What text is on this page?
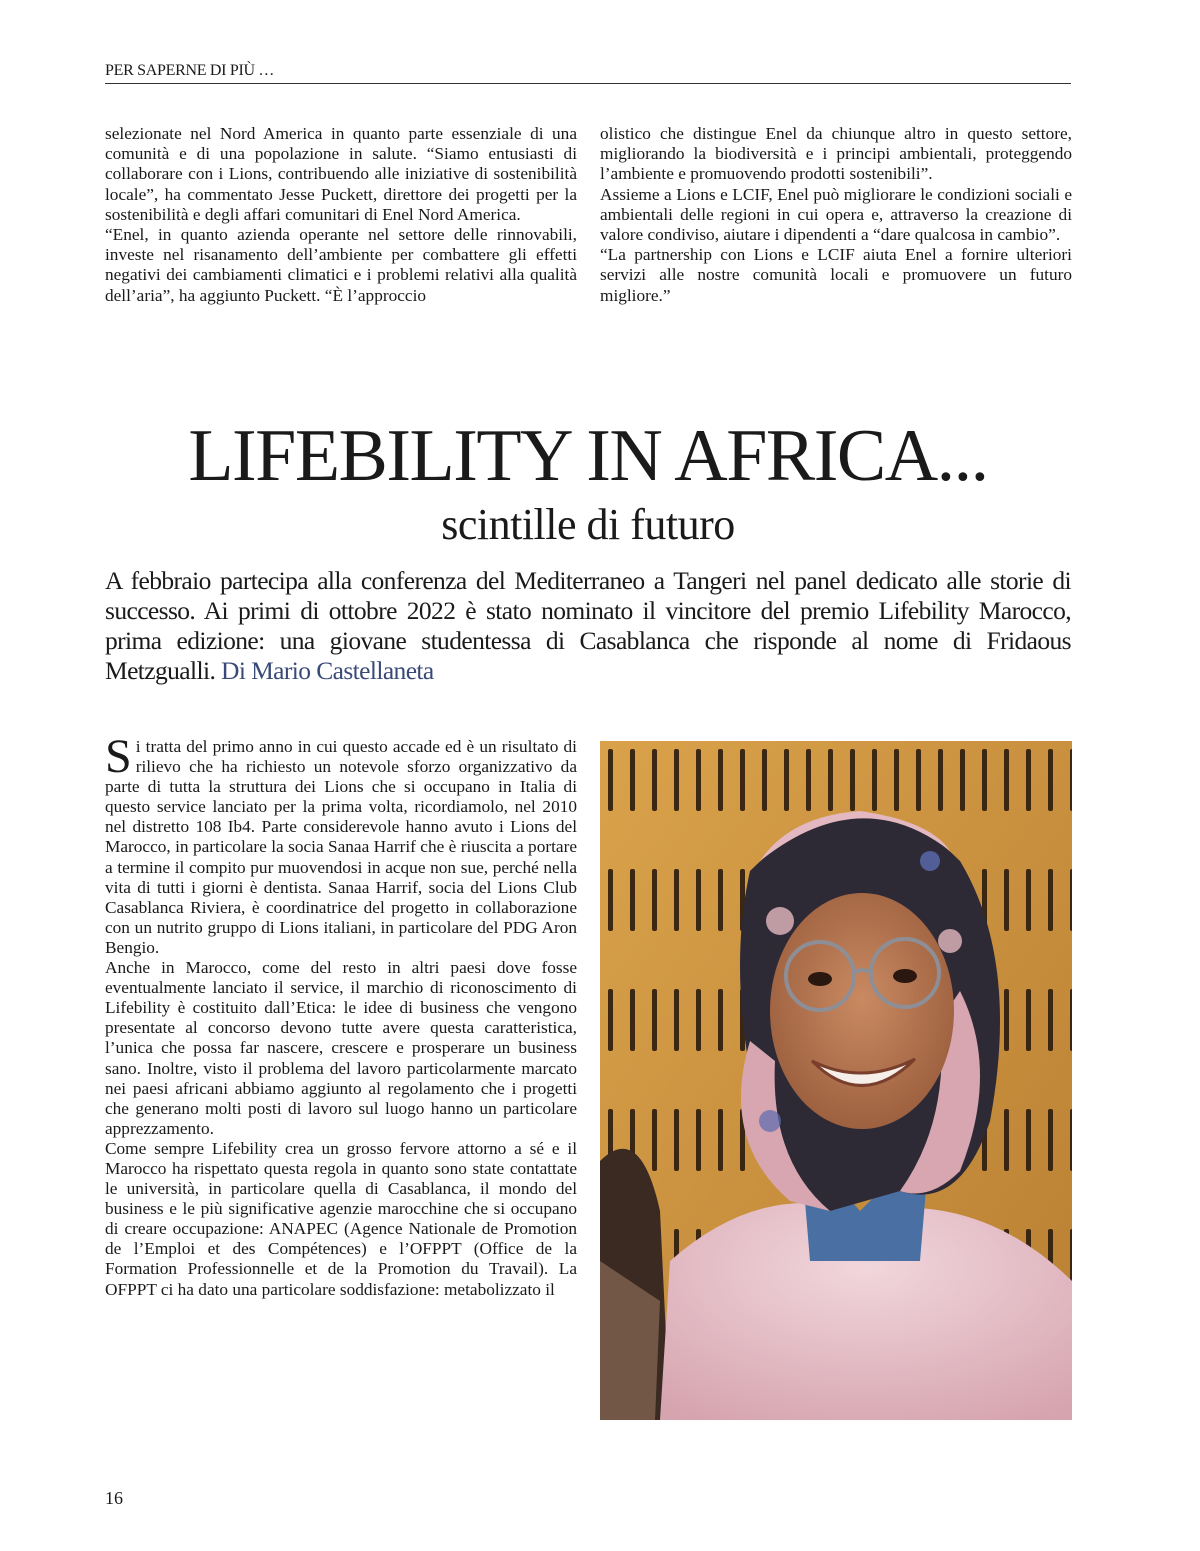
PER SAPERNE DI PIÙ …

selezionate nel Nord America in quanto parte essenziale di una comunità e di una popolazione in salute. “Siamo entusiasti di collaborare con i Lions, contribuendo alle iniziative di sostenibilità locale”, ha commentato Jesse Puckett, direttore dei progetti per la sostenibilità e degli affari comunitari di Enel Nord America.

“Enel, in quanto azienda operante nel settore delle rinnovabili, investe nel risanamento dell’ambiente per combattere gli effetti negativi dei cambiamenti climatici e i problemi relativi alla qualità dell’aria”, ha aggiunto Puckett. “È l’approccio

olistico che distingue Enel da chiunque altro in questo settore, migliorando la biodiversità e i principi ambientali, proteggendo l’ambiente e promuovendo prodotti sostenibili”.

Assieme a Lions e LCIF, Enel può migliorare le condizioni sociali e ambientali delle regioni in cui opera e, attraverso la creazione di valore condiviso, aiutare i dipendenti a “dare qualcosa in cambio”.

“La partnership con Lions e LCIF aiuta Enel a fornire ulteriori servizi alle nostre comunità locali e promuovere un futuro migliore.”

LIFEBILITY IN AFRICA...
scintille di futuro

A febbraio partecipa alla conferenza del Mediterraneo a Tangeri nel panel dedicato alle storie di successo. Ai primi di ottobre 2022 è stato nominato il vincitore del premio Lifebility Marocco, prima edizione: una giovane studentessa di Casablanca che risponde al nome di Fridaous Metzgualli. Di Mario Castellaneta

Si tratta del primo anno in cui questo accade ed è un risultato di rilievo che ha richiesto un notevole sforzo organizzativo da parte di tutta la struttura dei Lions che si occupano in Italia di questo service lanciato per la prima volta, ricordiamolo, nel 2010 nel distretto 108 Ib4. Parte considerevole hanno avuto i Lions del Marocco, in particolare la socia Sanaa Harrif che è riuscita a portare a termine il compito pur muovendosi in acque non sue, perché nella vita di tutti i giorni è dentista. Sanaa Harrif, socia del Lions Club Casablanca Riviera, è coordinatrice del progetto in collaborazione con un nutrito gruppo di Lions italiani, in particolare del PDG Aron Bengio.

Anche in Marocco, come del resto in altri paesi dove fosse eventualmente lanciato il service, il marchio di riconoscimento di Lifebility è costituito dall’Etica: le idee di business che vengono presentate al concorso devono tutte avere questa caratteristica, l’unica che possa far nascere, crescere e prosperare un business sano. Inoltre, visto il problema del lavoro particolarmente marcato nei paesi africani abbiamo aggiunto al regolamento che i progetti che generano molti posti di lavoro sul luogo hanno un particolare apprezzamento.

Come sempre Lifebility crea un grosso fervore attorno a sé e il Marocco ha rispettato questa regola in quanto sono state contattate le università, in particolare quella di Casablanca, il mondo del business e le più significative agenzie marocchine che si occupano di creare occupazione: ANAPEC (Agence Nationale de Promotion de l’Emploi et des Compétences) e l’OFPPT (Office de la Formation Professionnelle et de la Promotion du Travail). La OFPPT ci ha dato una particolare soddisfazione: metabolizzato il

16
